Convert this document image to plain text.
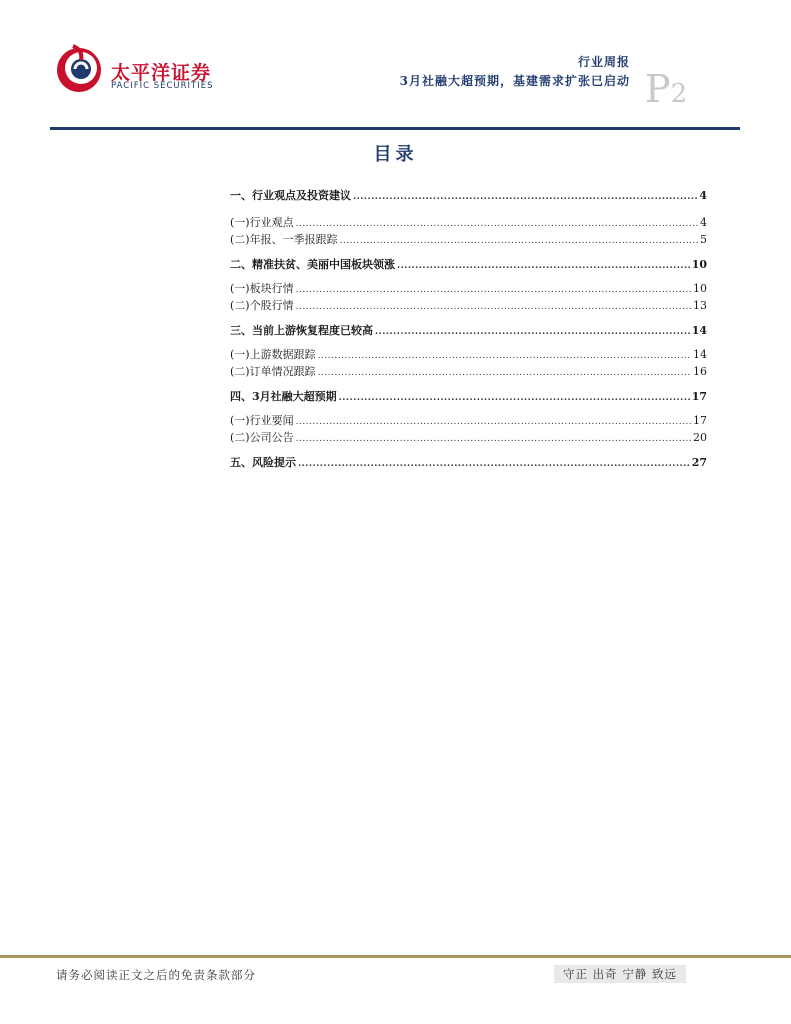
太平洋证券
PACIFIC SECURITIES
行业周报
3月社融大超预期，基建需求扩张已启动 P2
目录
一、 行业观点及投资建议 .....	4
(一) 行业观点 .....	4
(二) 年报、一季报跟踪 .....	5
二、 精准扶贫、美丽中国板块领涨 .....	10
(一) 板块行情 .....	10
(二) 个股行情 .....	13
三、 当前上游恢复程度已较高 .....	14
(一) 上游数据跟踪 .....	14
(二) 订单情况跟踪 .....	16
四、 3月社融大超预期 .....	17
(一) 行业要闻 .....	17
(二) 公司公告 .....	20
五、 风险提示 .....	27
请务必阅读正文之后的免责条款部分	守正 出奇 宁静 致远
